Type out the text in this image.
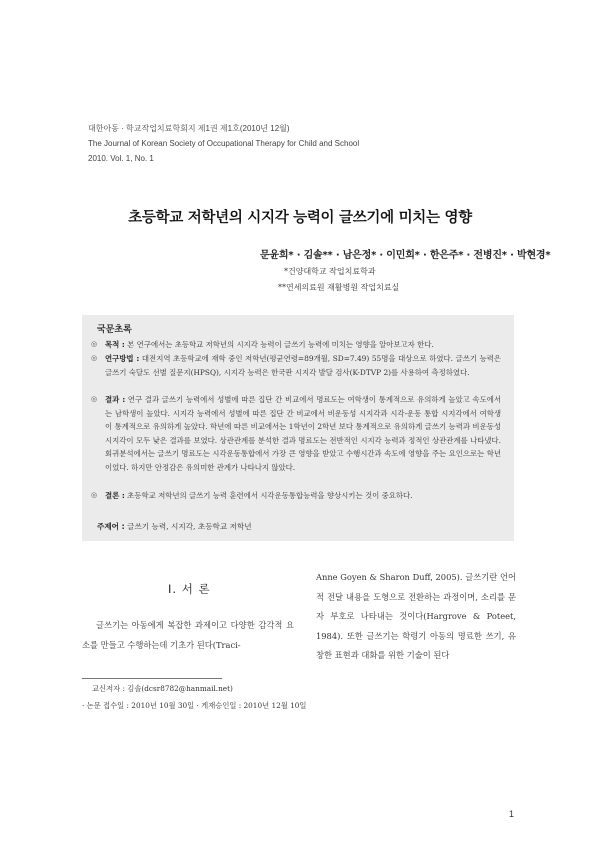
대한아동 · 학교작업치료학회지 제1권 제1호(2010년 12월)
The Journal of Korean Society of Occupational Therapy for Child and School
2010. Vol. 1, No. 1
초등학교 저학년의 시지각 능력이 글쓰기에 미치는 영향
문윤희* · 김솔** · 남은정* · 이민희* · 한은주* · 전병진* · 박현경*
*건양대학교 작업치료학과
**연세의료원 재활병원 작업치료실
국문초록
◎ 목적 : 본 연구에서는 초등학교 저학년의 시지각 능력이 글쓰기 능력에 미치는 영향을 알아보고자 한다.
◎ 연구방법 : 대전지역 초등학교에 재학 중인 저학년(평균연령=89개월, SD=7.49) 55명을 대상으로 하였다. 글쓰기 능력은 글쓰기 숙달도 선별 질문지(HPSQ), 시지각 능력은 한국판 시지각 발달 검사(K-DTVP 2)를 사용하여 측정하였다.
◎ 결과 : 연구 결과 글쓰기 능력에서 성별에 따른 집단 간 비교에서 명료도는 여학생이 통계적으로 유의하게 높았고 속도에서는 남학생이 높았다. 시지각 능력에서 성별에 따른 집단 간 비교에서 비운동성 시지각과 시각-운동 통합 시지각에서 여학생이 통계적으로 유의하게 높았다. 학년에 따른 비교에서는 1학년이 2학년 보다 통계적으로 유의하게 글쓰기 능력과 비운동성 시지각이 모두 낮은 결과를 보였다. 상관관계를 분석한 결과 명료도는 전반적인 시지각 능력과 정적인 상관관계를 나타냈다. 회귀분석에서는 글쓰기 명료도는 시각운동통합에서 가장 큰 영향을 받았고 수행시간과 속도에 영향을 주는 요인으로는 학년이었다. 하지만 안정감은 유의미한 관계가 나타나지 않았다.
◎ 결론 : 초등학교 저학년의 글쓰기 능력 훈련에서 시각운동통합능력을 향상시키는 것이 중요하다.
주제어 : 글쓰기 능력, 시지각, 초등학교 저학년
I. 서 론

글쓰기는 아동에게 복잡한 과제이고 다양한 감각적 요소를 만들고 수행하는데 기초가 된다(Traci-

Anne Goyen & Sharon Duff, 2005). 글쓰기란 언어적 전달 내용을 도형으로 전환하는 과정이며, 소리를 문자 부호로 나타내는 것이다(Hargrove & Poteet, 1984). 또한 글쓰기는 학령기 아동의 명료한 쓰기, 유창한 표현과 대화를 위한 기술이 된다

교신저자 : 김솔(dcsr8782@hanmail.net)
· 논문 접수일 : 2010년 10월 30일 · 게재승인일 : 2010년 12월 10일
1
